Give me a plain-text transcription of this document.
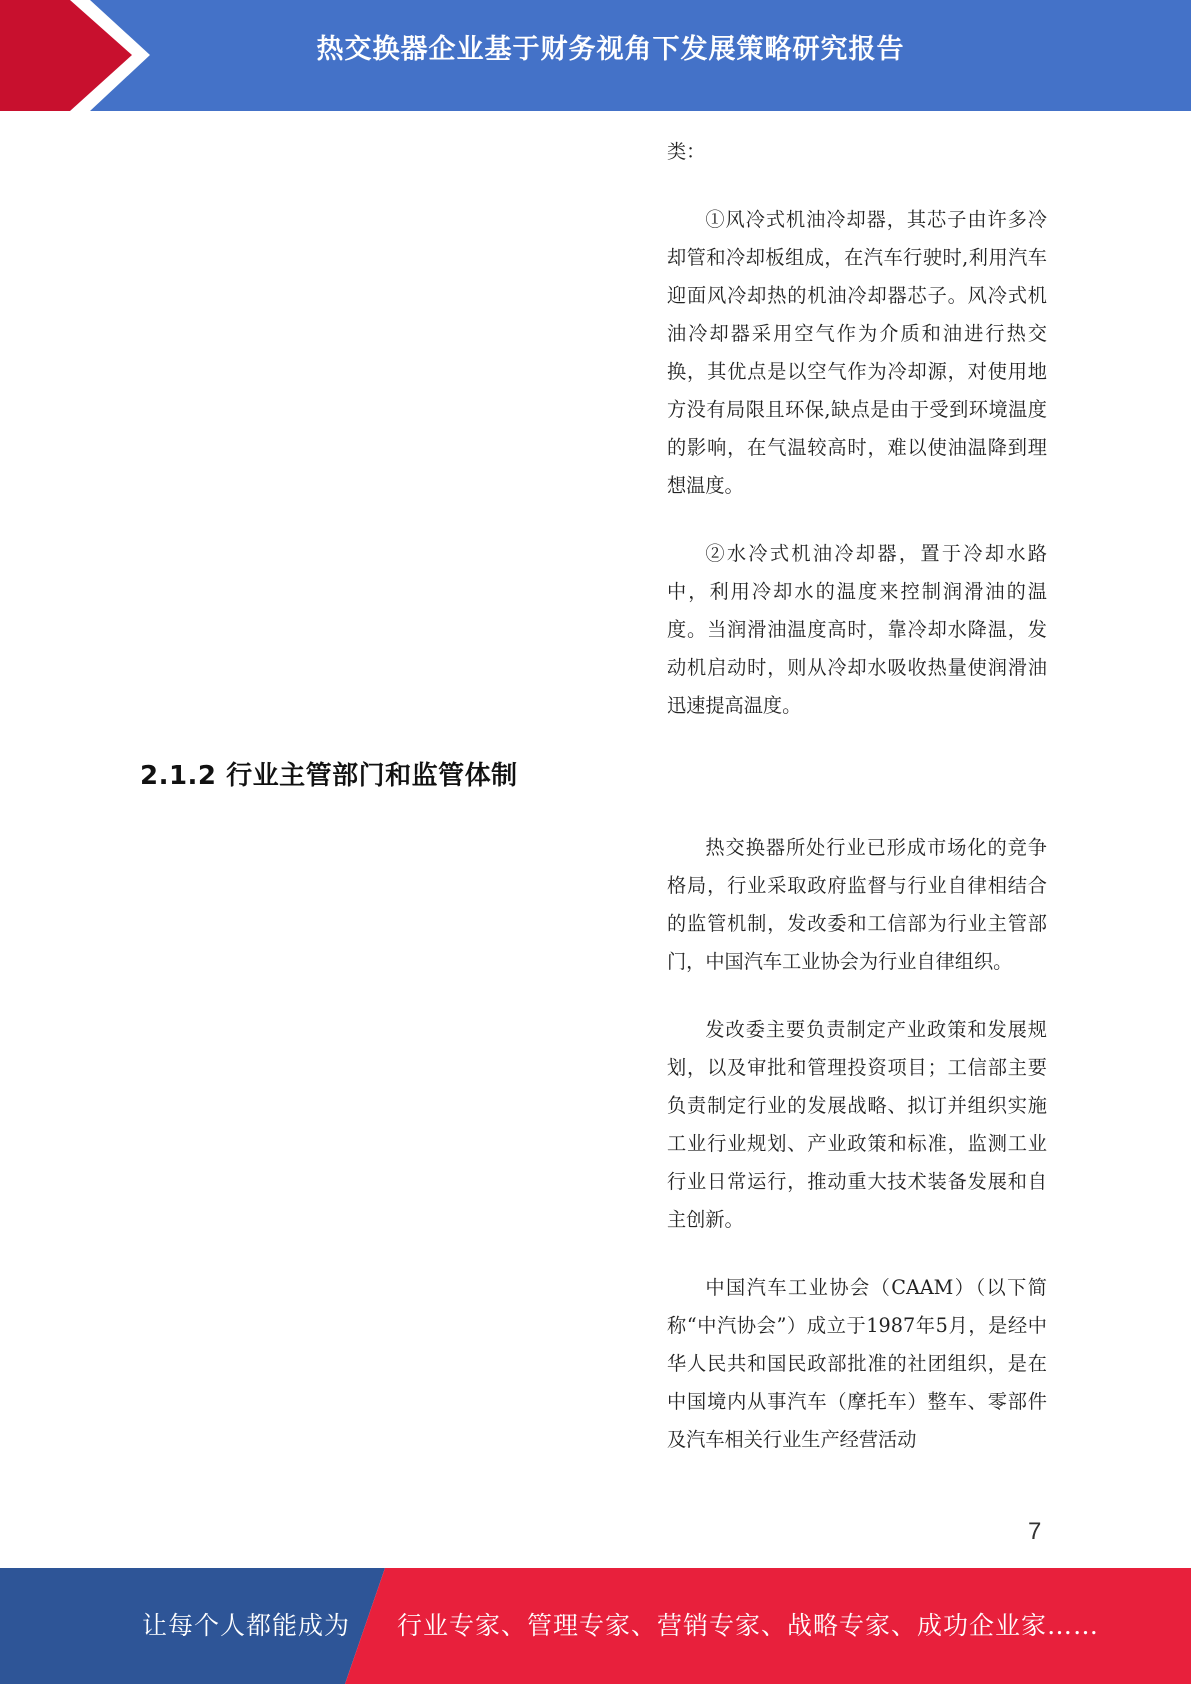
热交换器企业基于财务视角下发展策略研究报告

类：

①风冷式机油冷却器，其芯子由许多冷却管和冷却板组成，在汽车行驶时,利用汽车迎面风冷却热的机油冷却器芯子。风冷式机油冷却器采用空气作为介质和油进行热交换，其优点是以空气作为冷却源，对使用地方没有局限且环保,缺点是由于受到环境温度的影响，在气温较高时，难以使油温降到理想温度。

②水冷式机油冷却器，置于冷却水路中，利用冷却水的温度来控制润滑油的温度。当润滑油温度高时，靠冷却水降温，发动机启动时，则从冷却水吸收热量使润滑油迅速提高温度。

2.1.2 行业主管部门和监管体制

热交换器所处行业已形成市场化的竞争格局，行业采取政府监督与行业自律相结合的监管机制，发改委和工信部为行业主管部门，中国汽车工业协会为行业自律组织。

发改委主要负责制定产业政策和发展规划，以及审批和管理投资项目；工信部主要负责制定行业的发展战略、拟订并组织实施工业行业规划、产业政策和标准，监测工业行业日常运行，推动重大技术装备发展和自主创新。

中国汽车工业协会（CAAM）（以下简称“中汽协会”）成立于1987年5月，是经中华人民共和国民政部批准的社团组织，是在中国境内从事汽车（摩托车）整车、零部件及汽车相关行业生产经营活动

7
让每个人都能成为 行业专家、管理专家、营销专家、战略专家、成功企业家……
